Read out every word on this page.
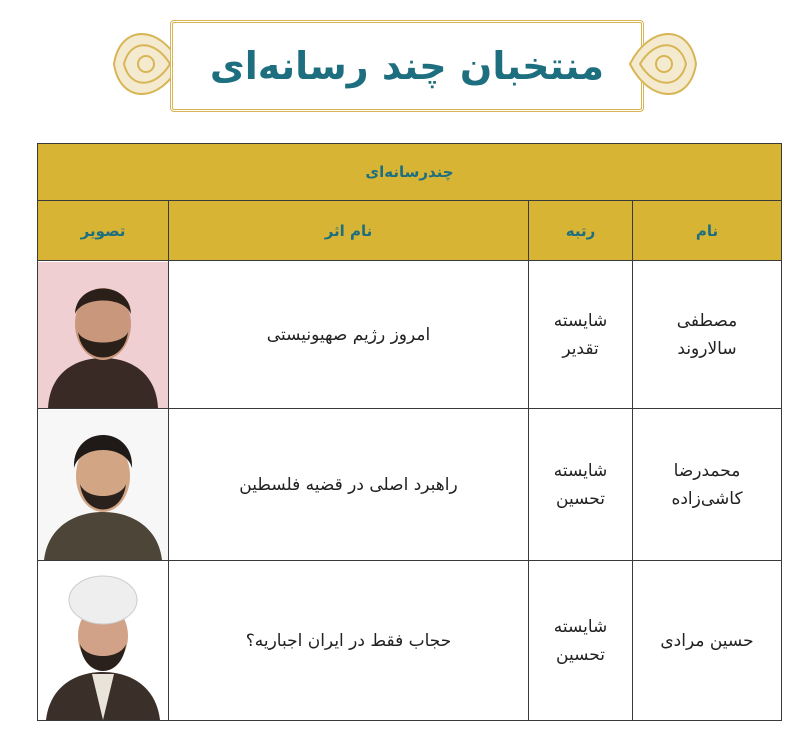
منتخبان چند رسانه‌ای
چندرسانه‌ای			
نام	رتبه	نام اثر	تصویر

مصطفی سالاروند	شایسته تقدیر	امروز رژیم صهیونیستی	

محمدرضا کاشی‌زاده	شایسته تحسین	راهبرد اصلی در قضیه فلسطین	

حسین مرادی	شایسته تحسین	حجاب فقط در ایران اجباریه؟	
